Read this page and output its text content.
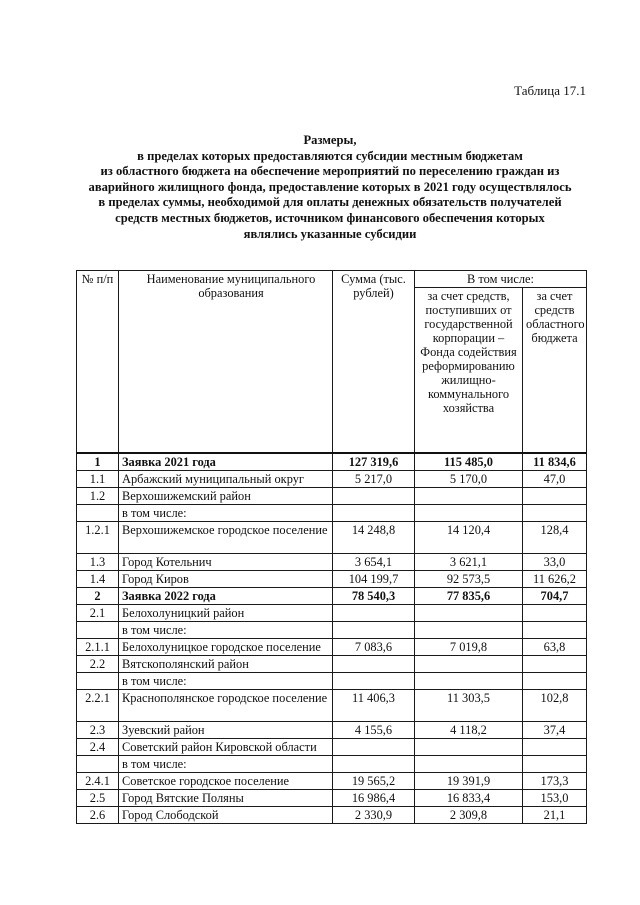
Таблица 17.1
Размеры,
в пределах которых предоставляются субсидии местным бюджетам
из областного бюджета на обеспечение мероприятий по переселению граждан из
аварийного жилищного фонда, предоставление которых в 2021 году осуществлялось
в пределах суммы, необходимой для оплаты денежных обязательств получателей
средств местных бюджетов, источником финансового обеспечения которых
являлись указанные субсидии
№ п/п	Наименование муниципального образования	Сумма (тыс. рублей)	В том числе:	
			за счет средств, поступивших от государственной корпорации – Фонда содействия реформированию жилищно-коммунального хозяйства	за счет средств областного бюджета
1	Заявка 2021 года	127 319,6	115 485,0	11 834,6
1.1	Арбажский муниципальный округ	5 217,0	5 170,0	47,0
1.2	Верхошижемский район			
	в том числе:			
1.2.1	Верхошижемское городское поселение	14 248,8	14 120,4	128,4
1.3	Город Котельнич	3 654,1	3 621,1	33,0
1.4	Город Киров	104 199,7	92 573,5	11 626,2
2	Заявка 2022 года	78 540,3	77 835,6	704,7
2.1	Белохолуницкий район			
	в том числе:			
2.1.1	Белохолуницкое городское поселение	7 083,6	7 019,8	63,8
2.2	Вятскополянский район			
	в том числе:			
2.2.1	Краснополянское городское поселение	11 406,3	11 303,5	102,8
2.3	Зуевский район	4 155,6	4 118,2	37,4
2.4	Советский район Кировской области			
	в том числе:			
2.4.1	Советское городское поселение	19 565,2	19 391,9	173,3
2.5	Город Вятские Поляны	16 986,4	16 833,4	153,0
2.6	Город Слободской	2 330,9	2 309,8	21,1
